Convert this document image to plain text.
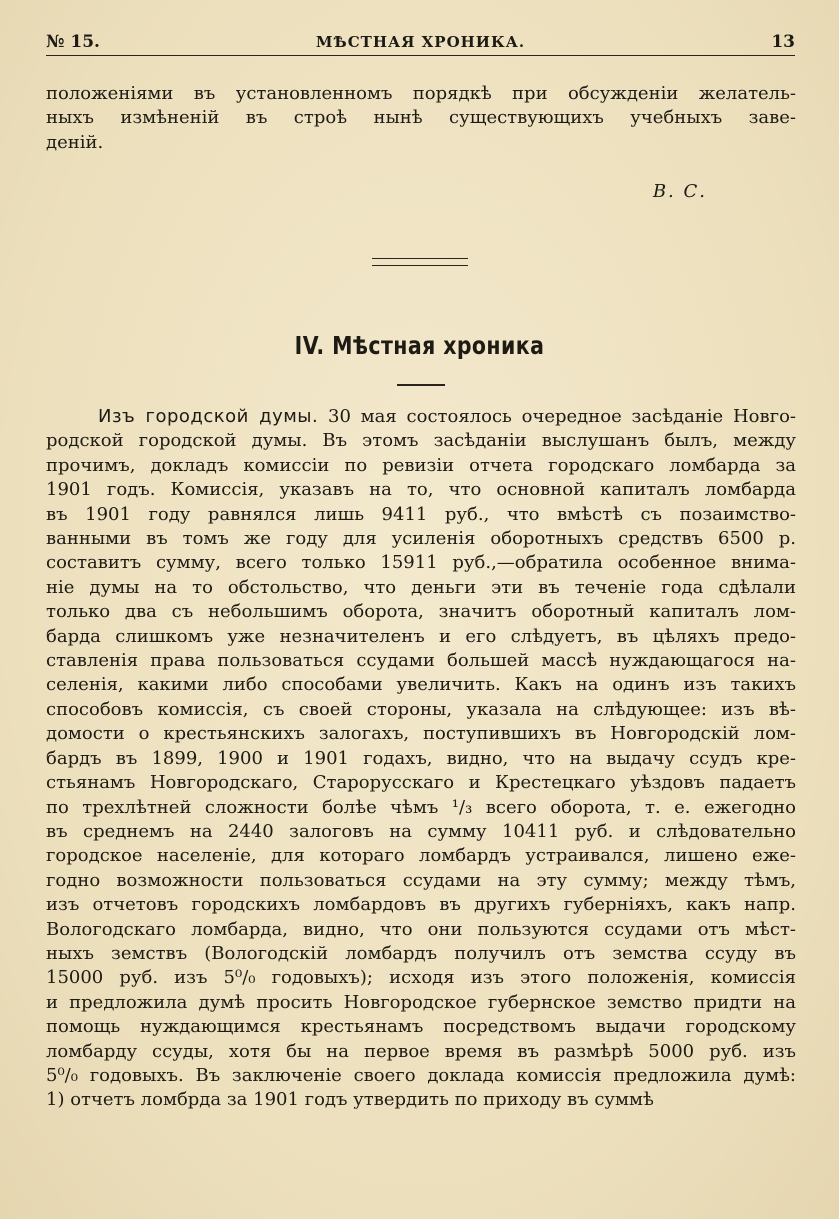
№ 15.	МѢСТНАЯ ХРОНИКА.	13
положеніями въ установленномъ порядкѣ при обсужденіи желатель-
ныхъ измѣненій въ строѣ нынѣ существующихъ учебныхъ заве-
деній.
В. С.
IV. Мѣстная хроника
Изъ городской думы. 30 мая состоялось очередное засѣданіе Новго-
родской городской думы. Въ этомъ засѣданіи выслушанъ былъ, между
прочимъ, докладъ комиссіи по ревизіи отчета городскаго ломбарда за
1901 годъ. Комиссія, указавъ на то, что основной капиталъ ломбарда
въ 1901 году равнялся лишь 9411 руб., что вмѣстѣ съ позаимство-
ванными въ томъ же году для усиленія оборотныхъ средствъ 6500 р.
составитъ сумму, всего только 15911 руб.,—обратила особенное внима-
ніе думы на то обстольство, что деньги эти въ теченіе года сдѣлали
только два съ небольшимъ оборота, значитъ оборотный капиталъ лом-
барда слишкомъ уже незначителенъ и его слѣдуетъ, въ цѣляхъ предо-
ставленія права пользоваться ссудами большей массѣ нуждающагося на-
селенія, какими либо способами увеличить. Какъ на одинъ изъ такихъ
способовъ комиссія, съ своей стороны, указала на слѣдующее: изъ вѣ-
домости о крестьянскихъ залогахъ, поступившихъ въ Новгородскій лом-
бардъ въ 1899, 1900 и 1901 годахъ, видно, что на выдачу ссудъ кре-
стьянамъ Новгородскаго, Старорусскаго и Крестецкаго уѣздовъ падаетъ
по трехлѣтней сложности болѣе чѣмъ ¹/₃ всего оборота, т. е. ежегодно
въ среднемъ на 2440 залоговъ на сумму 10411 руб. и слѣдовательно
городское населеніе, для котораго ломбардъ устраивался, лишено еже-
годно возможности пользоваться ссудами на эту сумму; между тѣмъ,
изъ отчетовъ городскихъ ломбардовъ въ другихъ губерніяхъ, какъ напр.
Вологодскаго ломбарда, видно, что они пользуются ссудами отъ мѣст-
ныхъ земствъ (Вологодскій ломбардъ получилъ отъ земства ссуду въ
15000 руб. изъ 5⁰/₀ годовыхъ); исходя изъ этого положенія, комиссія
и предложила думѣ просить Новгородское губернское земство придти на
помощь нуждающимся крестьянамъ посредствомъ выдачи городскому
ломбарду ссуды, хотя бы на первое время въ размѣрѣ 5000 руб. изъ
5⁰/₀ годовыхъ. Въ заключеніе своего доклада комиссія предложила думѣ:
1) отчетъ ломбрда за 1901 годъ утвердить по приходу въ суммѣ
